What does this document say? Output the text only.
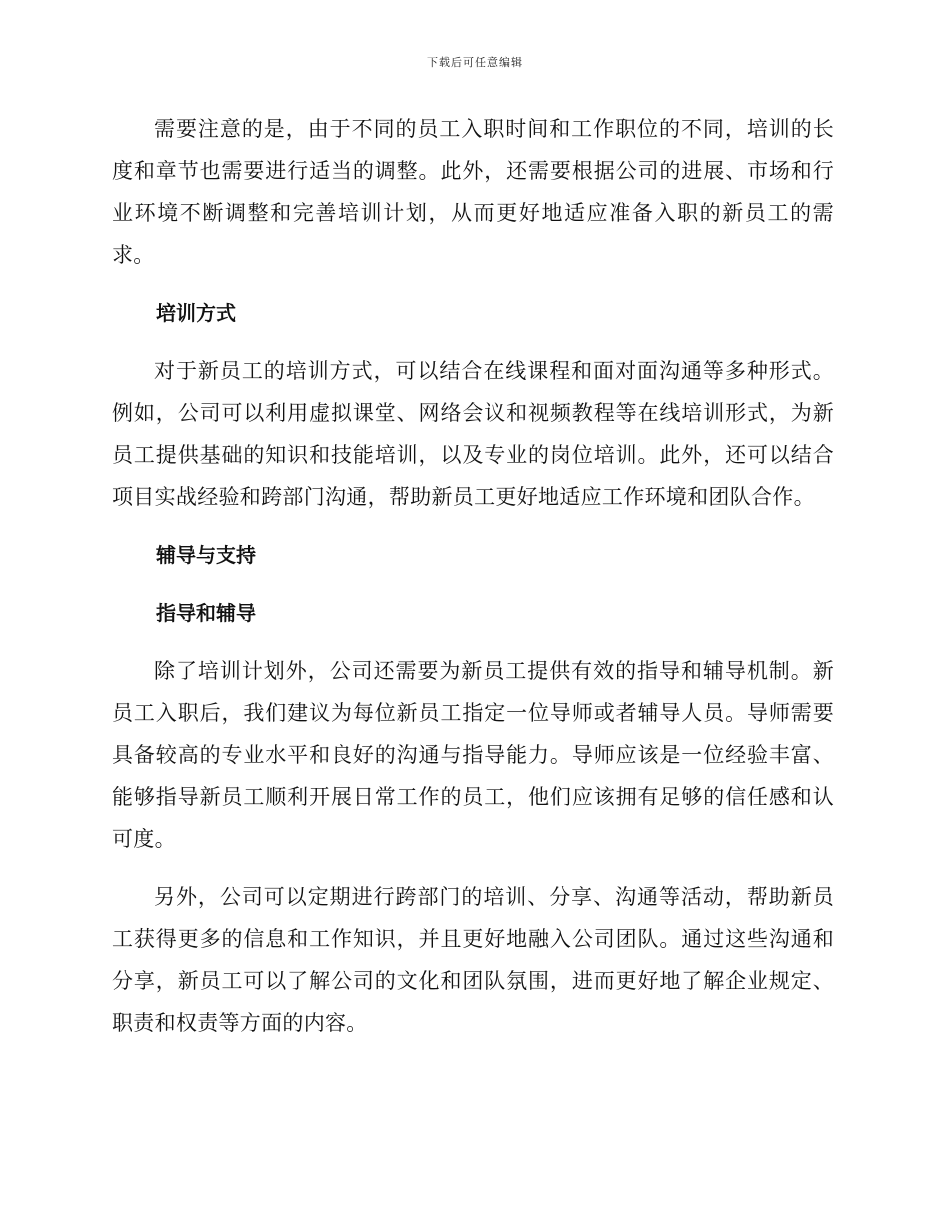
下载后可任意编辑

需要注意的是，由于不同的员工入职时间和工作职位的不同，培训的长度和章节也需要进行适当的调整。此外，还需要根据公司的进展、市场和行业环境不断调整和完善培训计划，从而更好地适应准备入职的新员工的需求。

培训方式

对于新员工的培训方式，可以结合在线课程和面对面沟通等多种形式。例如，公司可以利用虚拟课堂、网络会议和视频教程等在线培训形式，为新员工提供基础的知识和技能培训，以及专业的岗位培训。此外，还可以结合项目实战经验和跨部门沟通，帮助新员工更好地适应工作环境和团队合作。

辅导与支持
指导和辅导

除了培训计划外，公司还需要为新员工提供有效的指导和辅导机制。新员工入职后，我们建议为每位新员工指定一位导师或者辅导人员。导师需要具备较高的专业水平和良好的沟通与指导能力。导师应该是一位经验丰富、能够指导新员工顺利开展日常工作的员工，他们应该拥有足够的信任感和认可度。

另外，公司可以定期进行跨部门的培训、分享、沟通等活动，帮助新员工获得更多的信息和工作知识，并且更好地融入公司团队。通过这些沟通和分享，新员工可以了解公司的文化和团队氛围，进而更好地了解企业规定、职责和权责等方面的内容。
